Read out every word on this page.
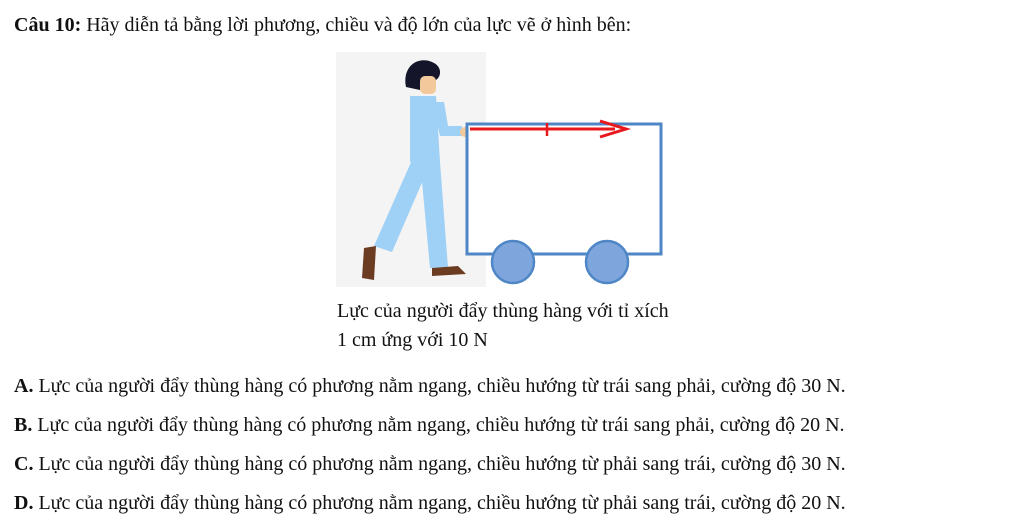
Câu 10: Hãy diễn tả bằng lời phương, chiều và độ lớn của lực vẽ ở hình bên:
Lực của người đẩy thùng hàng với tỉ xích
1 cm ứng với 10 N
A. Lực của người đẩy thùng hàng có phương nằm ngang, chiều hướng từ trái sang phải, cường độ 30 N.
B. Lực của người đẩy thùng hàng có phương nằm ngang, chiều hướng từ trái sang phải, cường độ 20 N.
C. Lực của người đẩy thùng hàng có phương nằm ngang, chiều hướng từ phải sang trái, cường độ 30 N.
D. Lực của người đẩy thùng hàng có phương nằm ngang, chiều hướng từ phải sang trái, cường độ 20 N.
